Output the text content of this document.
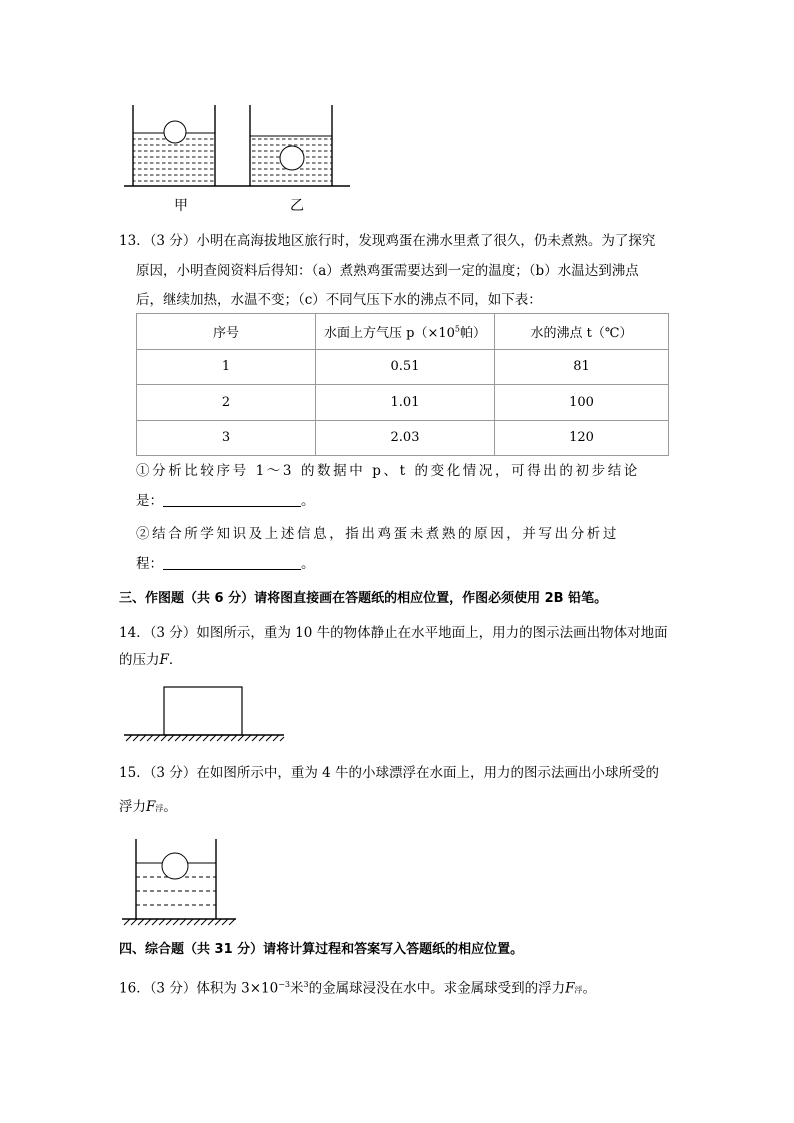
甲	乙
13．（3 分）小明在高海拔地区旅行时，发现鸡蛋在沸水里煮了很久，仍未煮熟。为了探究
原因，小明查阅资料后得知：（a）煮熟鸡蛋需要达到一定的温度；（b）水温达到沸点
后，继续加热，水温不变；（c）不同气压下水的沸点不同，如下表：
序号	水面上方气压 $p(\times 10^5$帕）	水的沸点 t（℃）
1	0.51	81
2	1.01	100
3	2.03	120
①分析比较序号 1～3 的数据中 p、t 的变化情况，可得出的初步结论
是：	。
②结合所学知识及上述信息，指出鸡蛋未煮熟的原因，并写出分析过
程：	。
三、作图题（共 6 分）请将图直接画在答题纸的相应位置，作图必须使用 2B 铅笔。
14．（3 分）如图所示，重为 10 牛的物体静止在水平地面上，用力的图示法画出物体对地面
的压力F．
15．（3 分）在如图所示中，重为 4 牛的小球漂浮在水面上，用力的图示法画出小球所受的
浮力F浮。
四、综合题（共 31 分）请将计算过程和答案写入答题纸的相应位置。
16．（3 分）体积为 $3\times 10^{-3}$米$^3$的金属球浸没在水中。求金属球受到的浮力F浮。
